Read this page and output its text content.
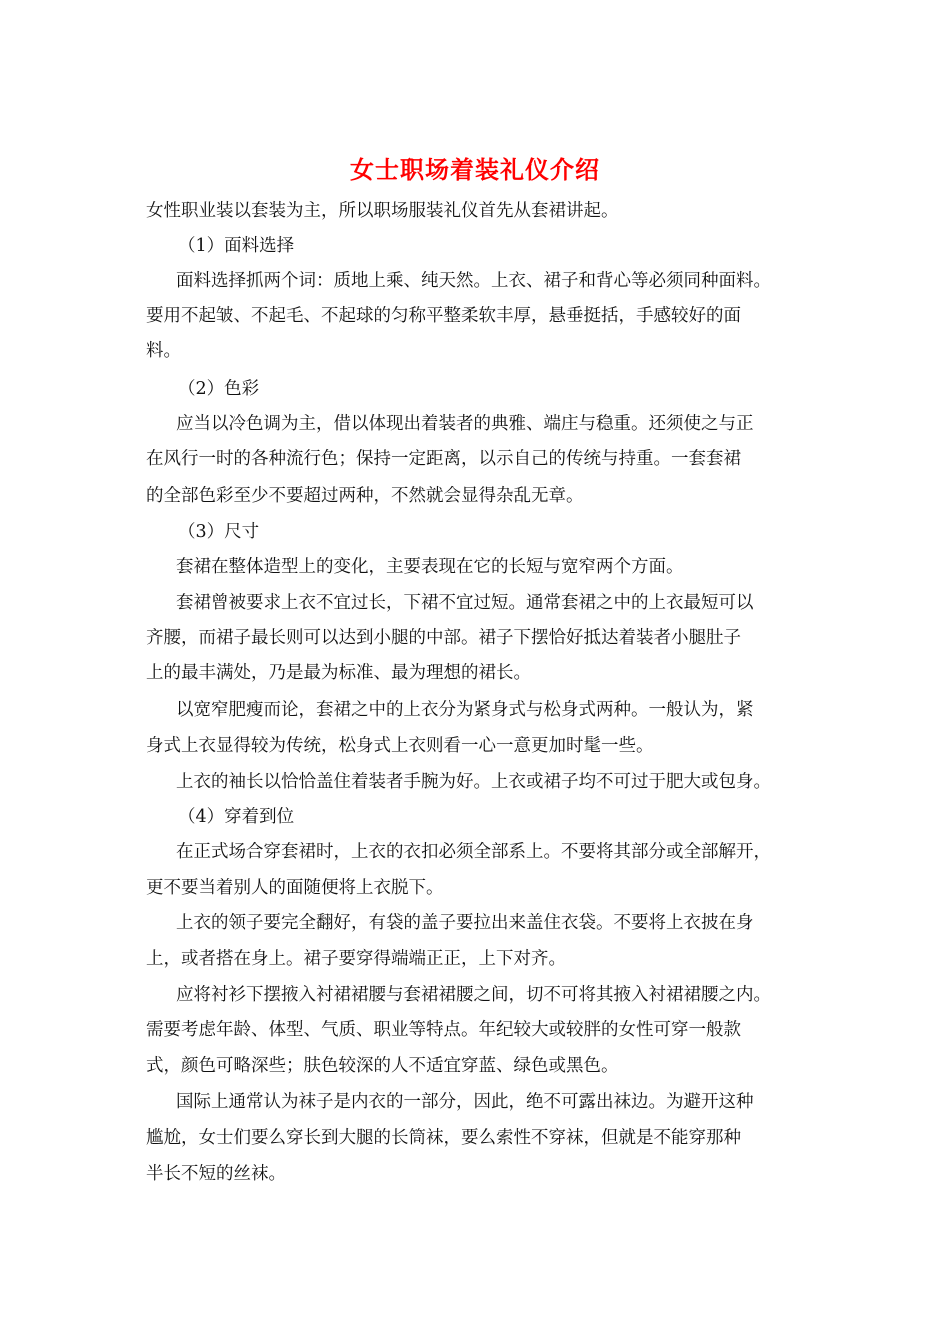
女士职场着装礼仪介绍
女性职业装以套装为主，所以职场服装礼仪首先从套裙讲起。
（1）面料选择
面料选择抓两个词：质地上乘、纯天然。上衣、裙子和背心等必须同种面料。
要用不起皱、不起毛、不起球的匀称平整柔软丰厚，悬垂挺括，手感较好的面
料。
（2）色彩
应当以冷色调为主，借以体现出着装者的典雅、端庄与稳重。还须使之与正
在风行一时的各种流行色；保持一定距离，以示自己的传统与持重。一套套裙
的全部色彩至少不要超过两种，不然就会显得杂乱无章。
（3）尺寸
套裙在整体造型上的变化，主要表现在它的长短与宽窄两个方面。
套裙曾被要求上衣不宜过长，下裙不宜过短。通常套裙之中的上衣最短可以
齐腰，而裙子最长则可以达到小腿的中部。裙子下摆恰好抵达着装者小腿肚子
上的最丰满处，乃是最为标准、最为理想的裙长。
以宽窄肥瘦而论，套裙之中的上衣分为紧身式与松身式两种。一般认为，紧
身式上衣显得较为传统，松身式上衣则看一心一意更加时髦一些。
上衣的袖长以恰恰盖住着装者手腕为好。上衣或裙子均不可过于肥大或包身。
（4）穿着到位
在正式场合穿套裙时，上衣的衣扣必须全部系上。不要将其部分或全部解开，
更不要当着别人的面随便将上衣脱下。
上衣的领子要完全翻好，有袋的盖子要拉出来盖住衣袋。不要将上衣披在身
上，或者搭在身上。裙子要穿得端端正正，上下对齐。
应将衬衫下摆掖入衬裙裙腰与套裙裙腰之间，切不可将其掖入衬裙裙腰之内。
需要考虑年龄、体型、气质、职业等特点。年纪较大或较胖的女性可穿一般款
式，颜色可略深些；肤色较深的人不适宜穿蓝、绿色或黑色。
国际上通常认为袜子是内衣的一部分，因此，绝不可露出袜边。为避开这种
尴尬，女士们要么穿长到大腿的长筒袜，要么索性不穿袜，但就是不能穿那种
半长不短的丝袜。
